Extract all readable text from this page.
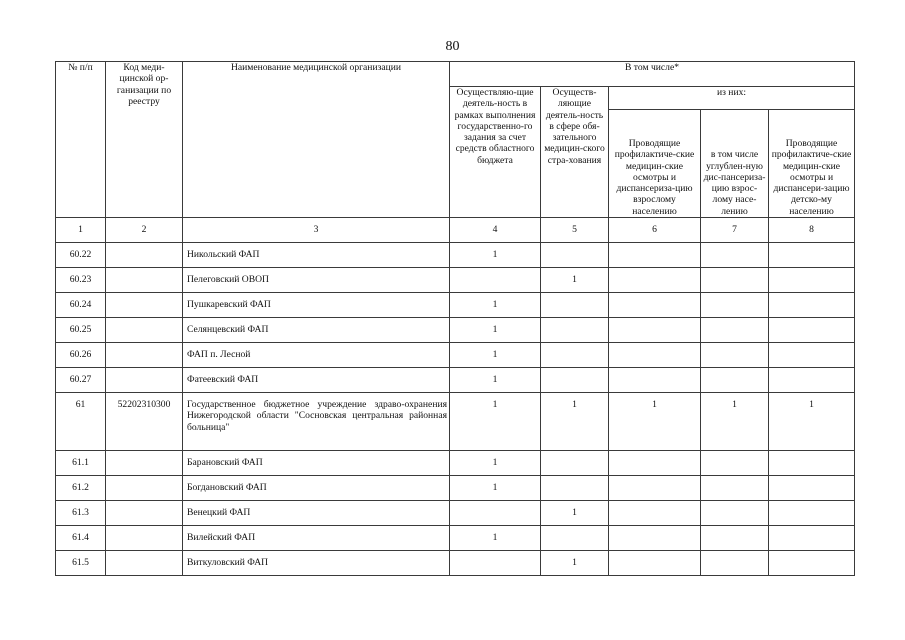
80
№ п/п	Код меди-цинской ор-ганизации по реестру	Наименование медицинской организации	В том числе*				
			Осуществляю-щие деятель-ность в рамках выполнения государственно-го задания за счет средств областного бюджета	Осуществ-ляющие деятель-ность в сфере обя-зательного медицин-ского стра-хования	из них:		
					Проводящие профилактиче-ские медицин-ские осмотры и диспансериза-цию взрослому населению	в том числе углублен-ную дис-пансериза-цию взрос-лому насе-лению	Проводящие профилактиче-ские медицин-ские осмотры и диспансери-зацию детско-му населению
1	2	3	4	5	6	7	8
60.22		Никольский ФАП	1				
60.23		Пелеговский ОВОП		1			
60.24		Пушкаревский ФАП	1				
60.25		Селянцевский ФАП	1				
60.26		ФАП п. Лесной	1				
60.27		Фатеевский ФАП	1				
61	52202310300	Государственное бюджетное учреждение здраво-охранения Нижегородской области "Сосновская центральная районная больница"	1	1	1	1	1
61.1		Барановский ФАП	1				
61.2		Богдановский ФАП	1				
61.3		Венецкий ФАП		1			
61.4		Вилейский ФАП	1				
61.5		Виткуловский ФАП		1			
